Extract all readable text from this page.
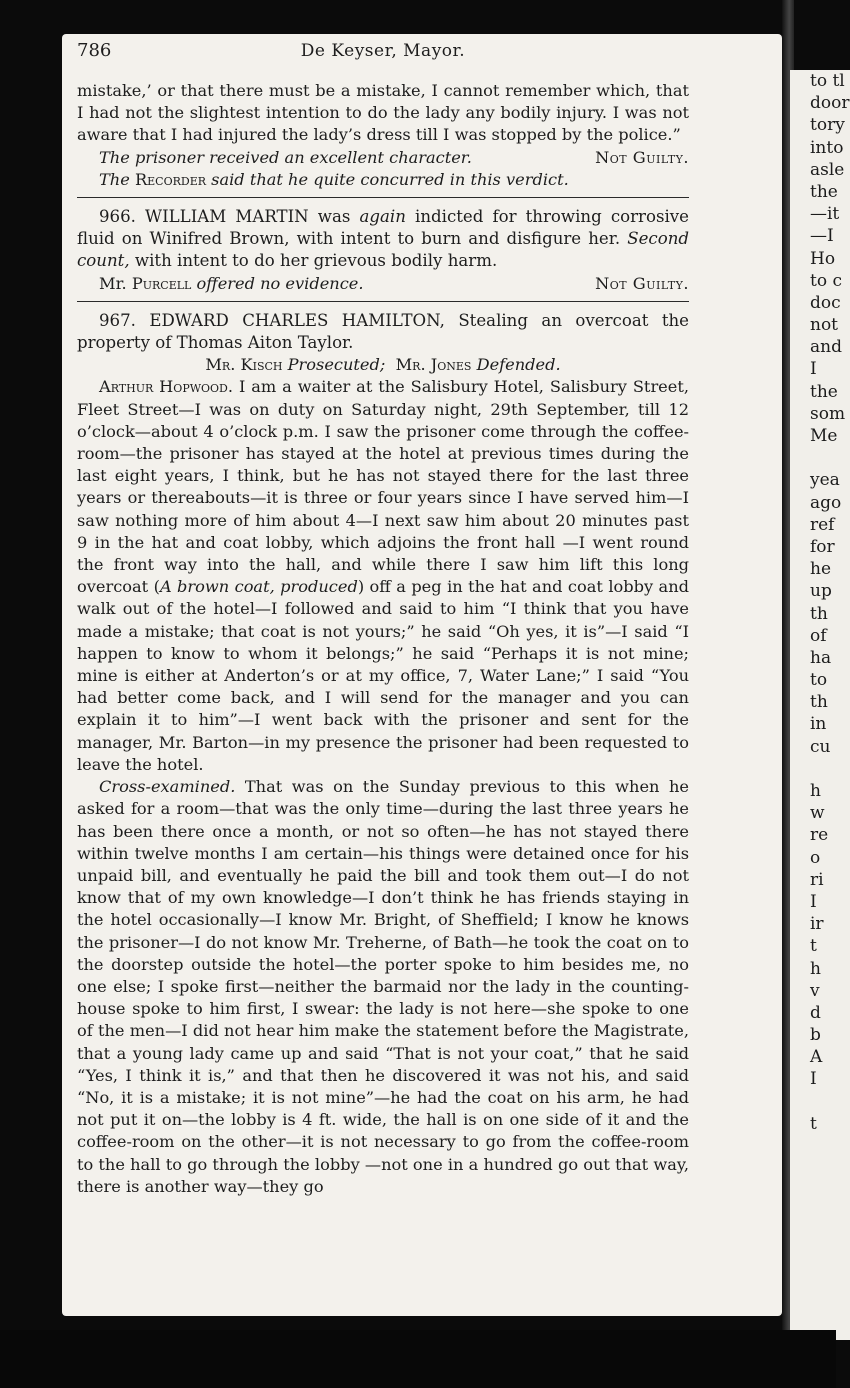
to tl
door
tory
into
asle
the
—it
—I
Ho
to c
doc
not
and
I
the
som
Me
yea
ago
ref
for
he
up
th
of
ha
to
th
in
cu
h
w
re
o
ri
I
ir
t
h
v
d
b
A
I
t
786	De Keyser, Mayor.

mistake,’ or that there must be a mistake, I cannot remember which, that I had not the slightest intention to do the lady any bodily injury. I was not aware that I had injured the lady’s dress till I was stopped by the police.”

The prisoner received an excellent character.	Not Guilty.

The Recorder said that he quite concurred in this verdict.

966. WILLIAM MARTIN was again indicted for throwing corrosive fluid on Winifred Brown, with intent to burn and disfigure her. Second count, with intent to do her grievous bodily harm.

Mr. Purcell offered no evidence.	Not Guilty.

967. EDWARD CHARLES HAMILTON, Stealing an overcoat the property of Thomas Aiton Taylor.

Mr. Kisch Prosecuted; Mr. Jones Defended.

Arthur Hopwood. I am a waiter at the Salisbury Hotel, Salisbury Street, Fleet Street—I was on duty on Saturday night, 29th September, till 12 o’clock—about 4 o’clock p.m. I saw the prisoner come through the coffee-room—the prisoner has stayed at the hotel at previous times during the last eight years, I think, but he has not stayed there for the last three years or thereabouts—it is three or four years since I have served him—I saw nothing more of him about 4—I next saw him about 20 minutes past 9 in the hat and coat lobby, which adjoins the front hall —I went round the front way into the hall, and while there I saw him lift this long overcoat (A brown coat, produced) off a peg in the hat and coat lobby and walk out of the hotel—I followed and said to him “I think that you have made a mistake; that coat is not yours;” he said “Oh yes, it is”—I said “I happen to know to whom it belongs;” he said “Perhaps it is not mine; mine is either at Anderton’s or at my office, 7, Water Lane;” I said “You had better come back, and I will send for the manager and you can explain it to him”—I went back with the prisoner and sent for the manager, Mr. Barton—in my presence the prisoner had been requested to leave the hotel.

Cross-examined. That was on the Sunday previous to this when he asked for a room—that was the only time—during the last three years he has been there once a month, or not so often—he has not stayed there within twelve months I am certain—his things were detained once for his unpaid bill, and eventually he paid the bill and took them out—I do not know that of my own knowledge—I don’t think he has friends staying in the hotel occasionally—I know Mr. Bright, of Sheffield; I know he knows the prisoner—I do not know Mr. Treherne, of Bath—he took the coat on to the doorstep outside the hotel—the porter spoke to him besides me, no one else; I spoke first—neither the barmaid nor the lady in the counting-house spoke to him first, I swear: the lady is not here—she spoke to one of the men—I did not hear him make the statement before the Magistrate, that a young lady came up and said “That is not your coat,” that he said “Yes, I think it is,” and that then he discovered it was not his, and said “No, it is a mistake; it is not mine”—he had the coat on his arm, he had not put it on—the lobby is 4 ft. wide, the hall is on one side of it and the coffee-room on the other—it is not necessary to go from the coffee-room to the hall to go through the lobby —not one in a hundred go out that way, there is another way—they go
